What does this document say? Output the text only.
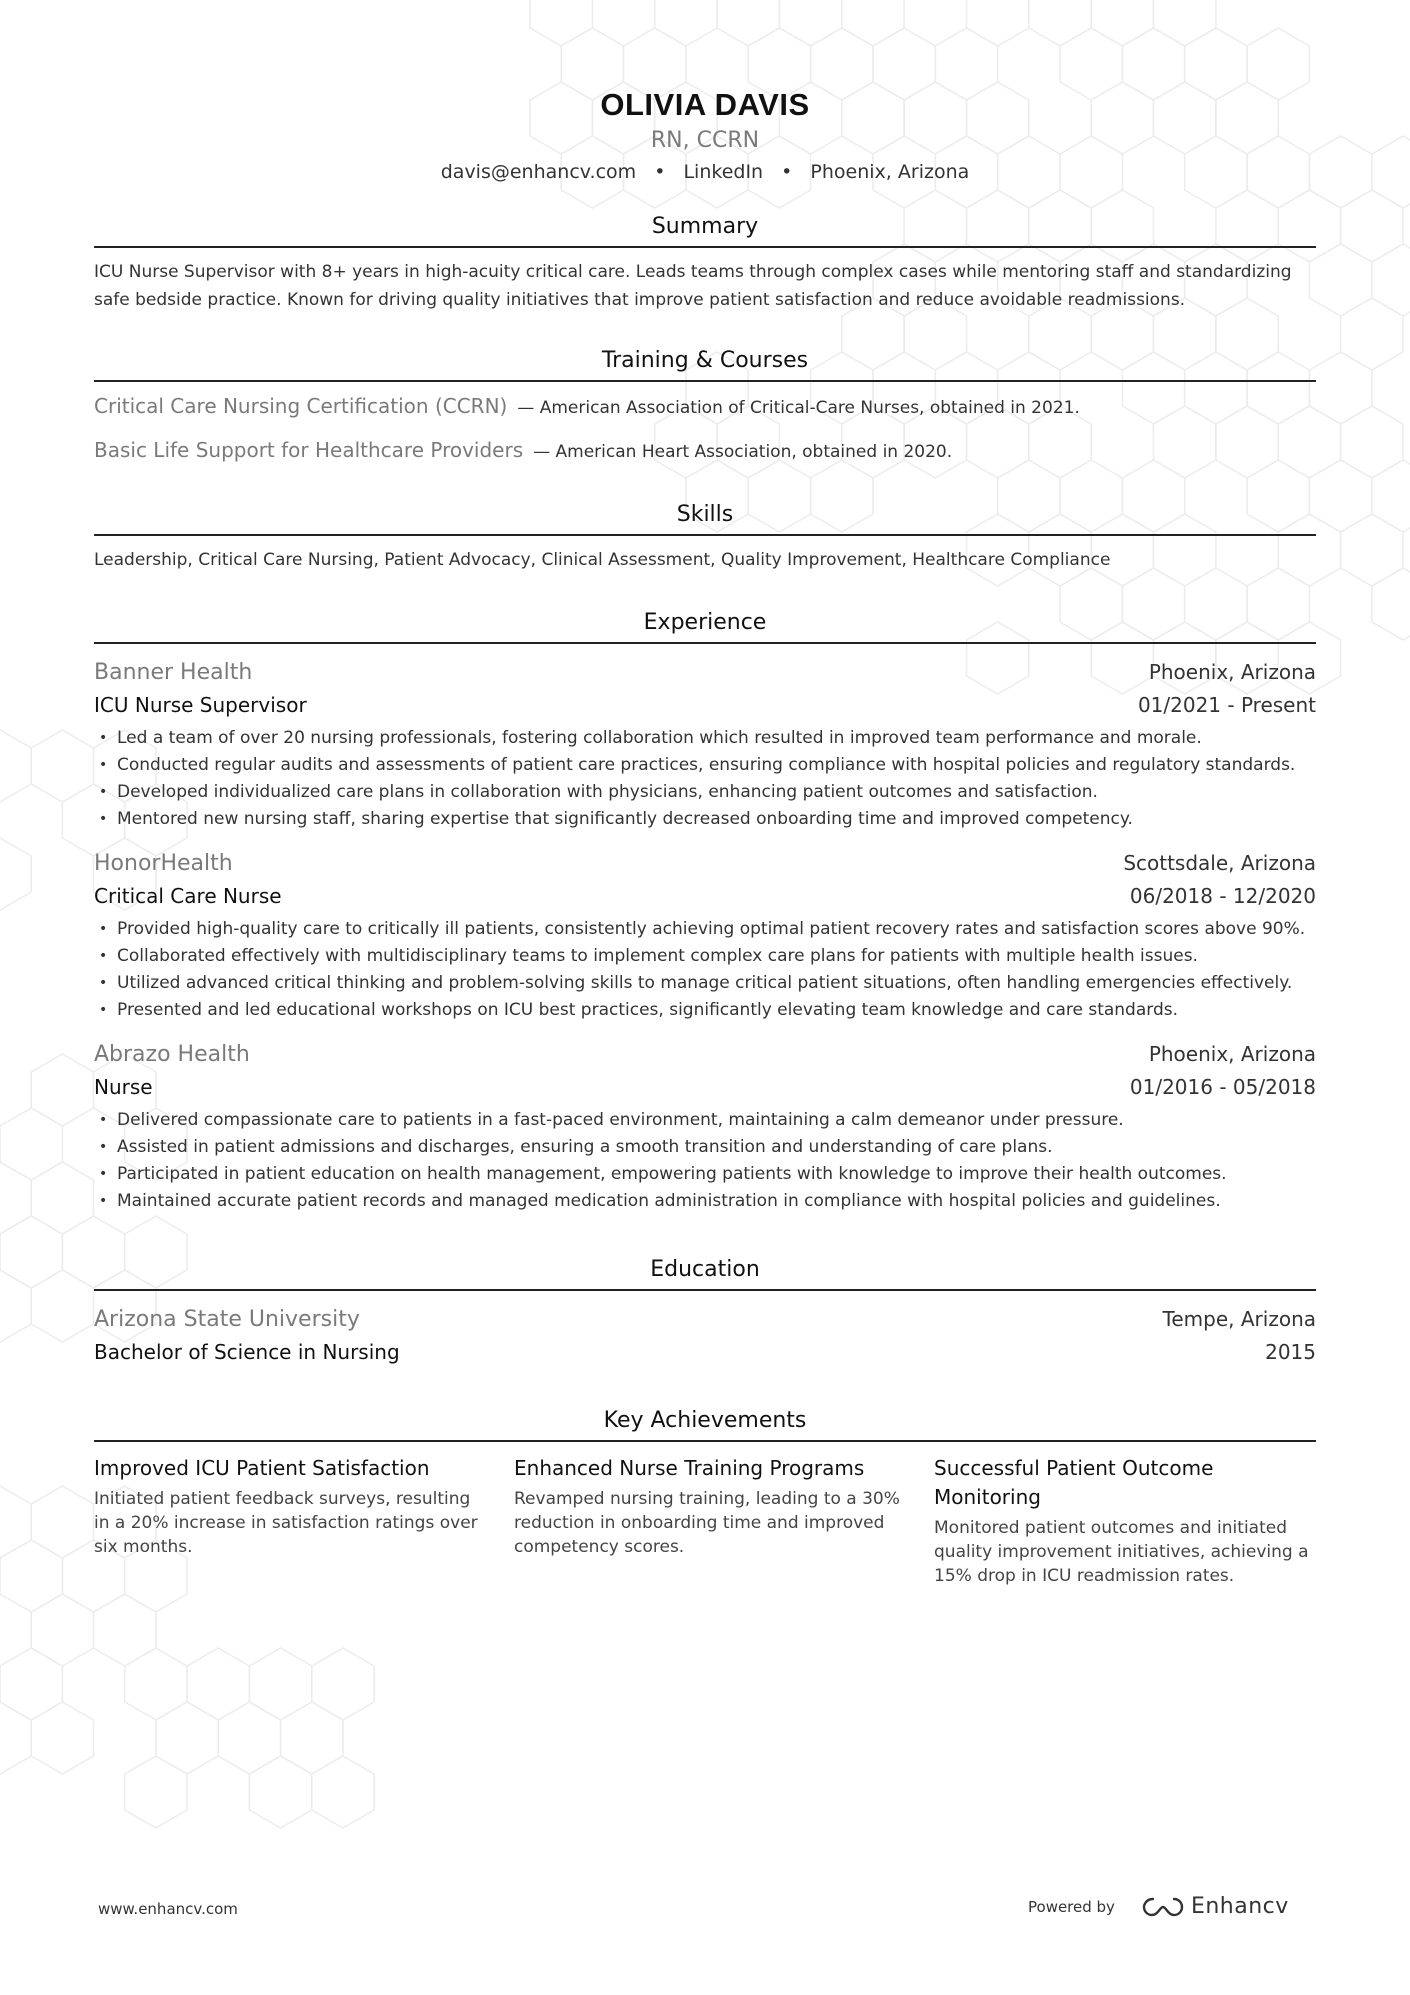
OLIVIA DAVIS
RN, CCRN
davis@enhancv.com • LinkedIn • Phoenix, Arizona
Summary
ICU Nurse Supervisor with 8+ years in high-acuity critical care. Leads teams through complex cases while mentoring staff and standardizing safe bedside practice. Known for driving quality initiatives that improve patient satisfaction and reduce avoidable readmissions.
Training & Courses
Critical Care Nursing Certification (CCRN) — American Association of Critical-Care Nurses, obtained in 2021.
Basic Life Support for Healthcare Providers — American Heart Association, obtained in 2020.
Skills
Leadership, Critical Care Nursing, Patient Advocacy, Clinical Assessment, Quality Improvement, Healthcare Compliance
Experience
Banner Health	Phoenix, Arizona
ICU Nurse Supervisor	01/2021 - Present
• Led a team of over 20 nursing professionals, fostering collaboration which resulted in improved team performance and morale.
• Conducted regular audits and assessments of patient care practices, ensuring compliance with hospital policies and regulatory standards.
• Developed individualized care plans in collaboration with physicians, enhancing patient outcomes and satisfaction.
• Mentored new nursing staff, sharing expertise that significantly decreased onboarding time and improved competency.
HonorHealth	Scottsdale, Arizona
Critical Care Nurse	06/2018 - 12/2020
• Provided high-quality care to critically ill patients, consistently achieving optimal patient recovery rates and satisfaction scores above 90%.
• Collaborated effectively with multidisciplinary teams to implement complex care plans for patients with multiple health issues.
• Utilized advanced critical thinking and problem-solving skills to manage critical patient situations, often handling emergencies effectively.
• Presented and led educational workshops on ICU best practices, significantly elevating team knowledge and care standards.
Abrazo Health	Phoenix, Arizona
Nurse	01/2016 - 05/2018
• Delivered compassionate care to patients in a fast-paced environment, maintaining a calm demeanor under pressure.
• Assisted in patient admissions and discharges, ensuring a smooth transition and understanding of care plans.
• Participated in patient education on health management, empowering patients with knowledge to improve their health outcomes.
• Maintained accurate patient records and managed medication administration in compliance with hospital policies and guidelines.
Education
Arizona State University	Tempe, Arizona
Bachelor of Science in Nursing	2015
Key Achievements
Improved ICU Patient Satisfaction
Initiated patient feedback surveys, resulting in a 20% increase in satisfaction ratings over six months.
Enhanced Nurse Training Programs
Revamped nursing training, leading to a 30% reduction in onboarding time and improved competency scores.
Successful Patient Outcome Monitoring
Monitored patient outcomes and initiated quality improvement initiatives, achieving a 15% drop in ICU readmission rates.
www.enhancv.com	Powered by	Enhancv
